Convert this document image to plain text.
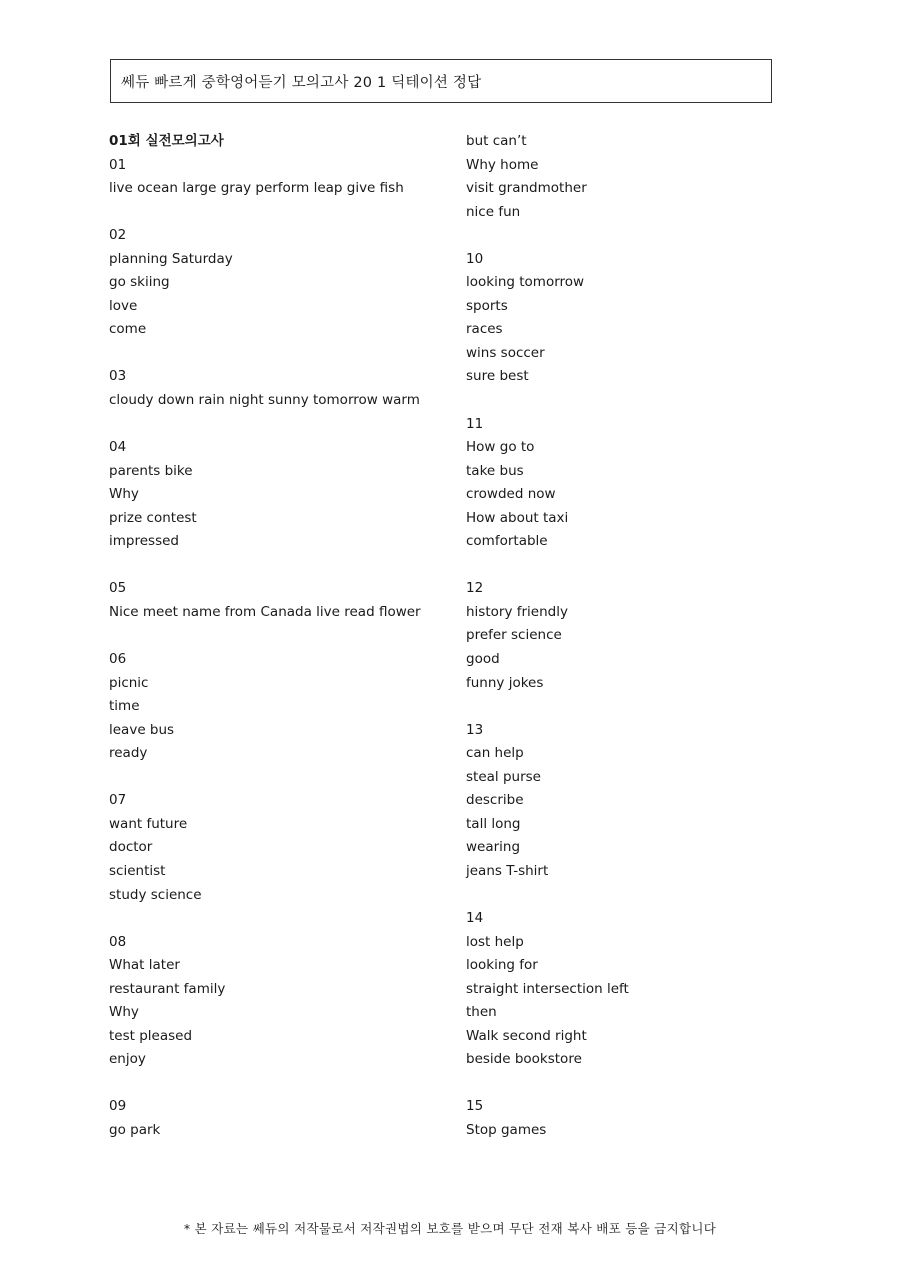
쎄듀 빠르게 중학영어듣기 모의고사 20 1 딕테이션 정답
01회 실전모의고사
01
live ocean large gray perform leap give fish
02
planning Saturday
go skiing
love
come
03
cloudy down rain night sunny tomorrow warm
04
parents bike
Why
prize contest
impressed
05
Nice meet name from Canada live read flower
06
picnic
time
leave bus
ready
07
want future
doctor
scientist
study science
08
What later
restaurant family
Why
test pleased
enjoy
09
go park
but can’t
Why home
visit grandmother
nice fun
10
looking tomorrow
sports
races
wins soccer
sure best
11
How go to
take bus
crowded now
How about taxi
comfortable
12
history friendly
prefer science
good
funny jokes
13
can help
steal purse
describe
tall long
wearing
jeans T-shirt
14
lost help
looking for
straight intersection left
then
Walk second right
beside bookstore
15
Stop games
* 본 자료는 쎄듀의 저작물로서 저작권법의 보호를 받으며 무단 전재 복사 배포 등을 금지합니다
